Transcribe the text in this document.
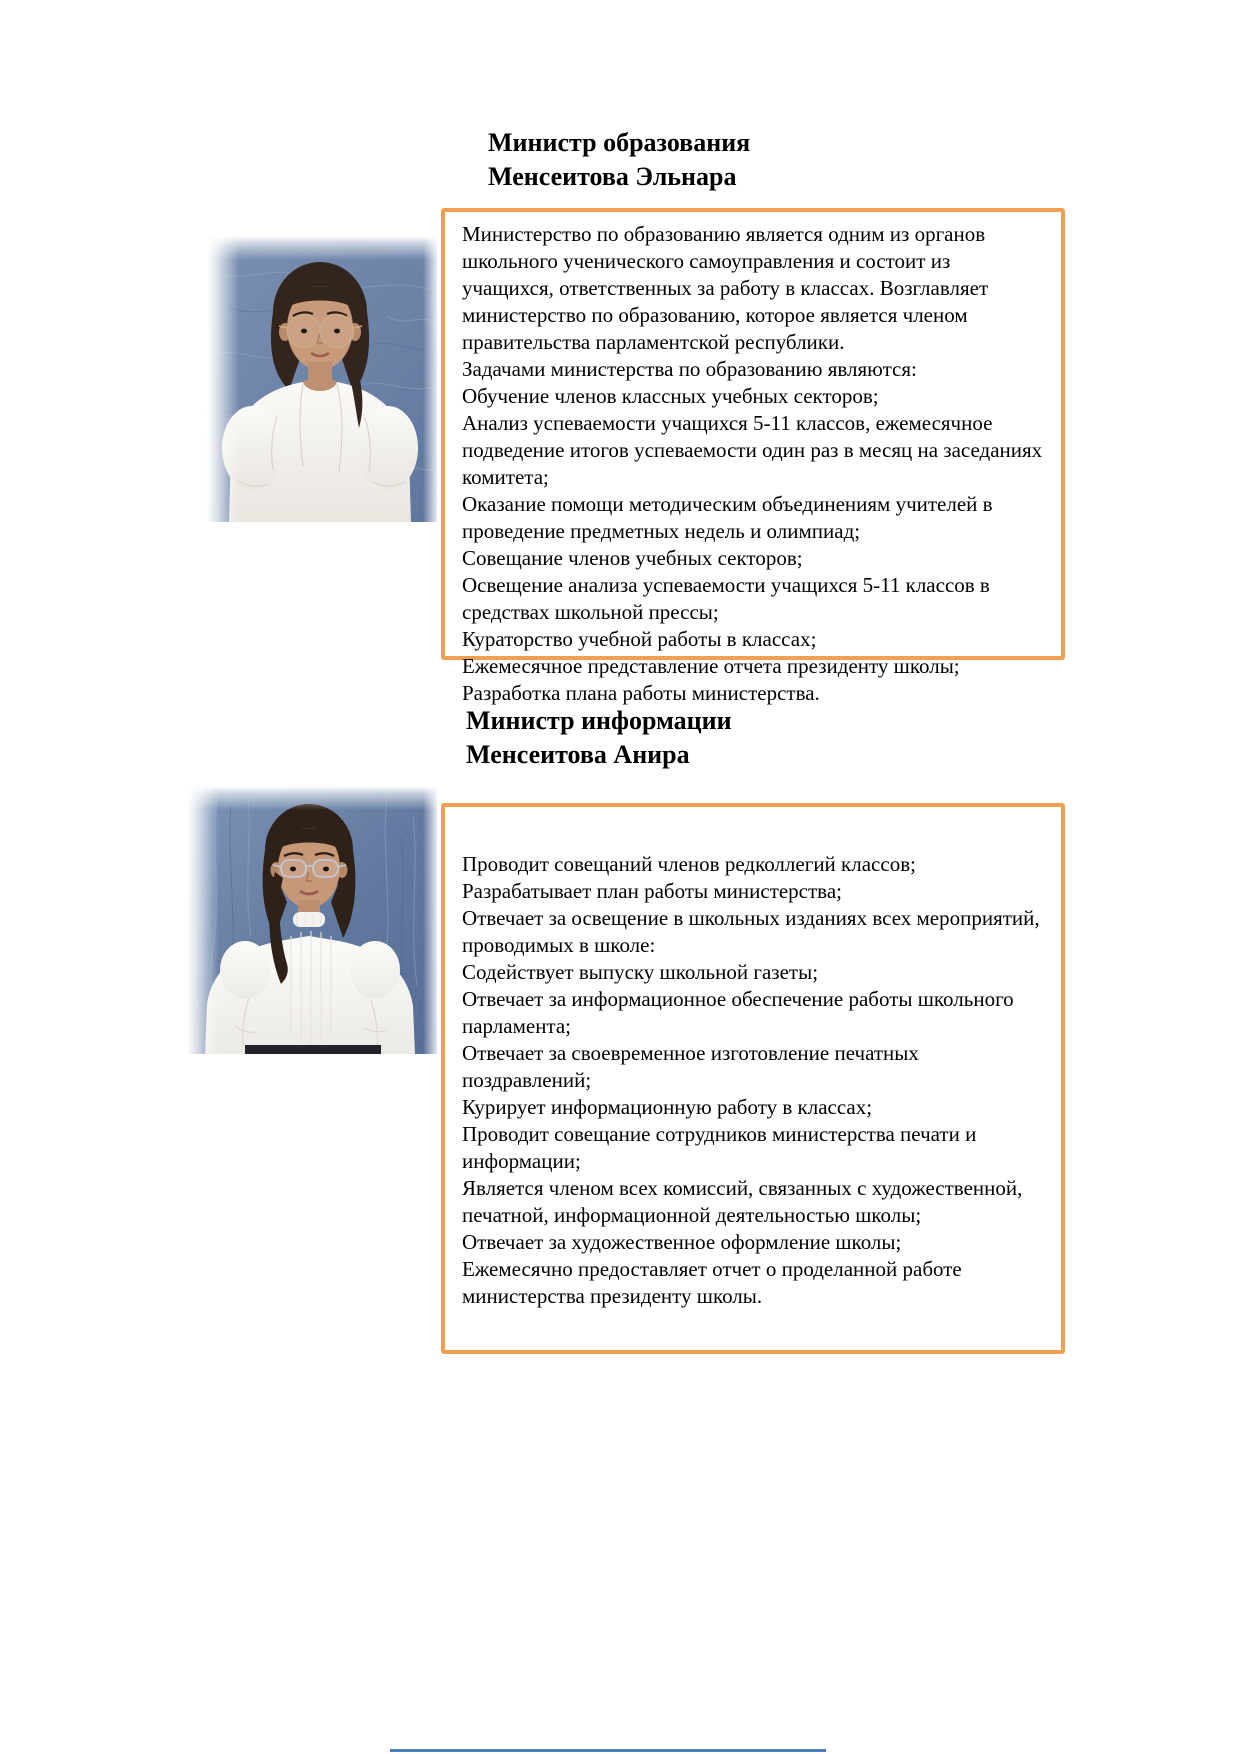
Министр образования
Менсеитова Эльнара

Министерство по образованию является одним из органов школьного ученического самоуправления и состоит из учащихся, ответственных за работу в классах. Возглавляет министерство по образованию, которое является членом правительства парламентской республики.

Задачами министерства по образованию являются:

Обучение членов классных учебных секторов;

Анализ успеваемости учащихся 5-11 классов, ежемесячное подведение итогов успеваемости один раз в месяц на заседаниях комитета;

Оказание помощи методическим объединениям учителей в проведение предметных недель и олимпиад;

Совещание членов учебных секторов;

Освещение анализа успеваемости учащихся 5-11 классов в средствах школьной прессы;

Кураторство учебной работы в классах;

Ежемесячное представление отчета президенту школы;

Разработка плана работы министерства.

Министр информации
Менсеитова Анира

Проводит совещаний членов редколлегий классов;

Разрабатывает план работы министерства;

Отвечает за освещение в школьных изданиях всех мероприятий, проводимых в школе:

Содействует выпуску школьной газеты;

Отвечает за информационное обеспечение работы школьного парламента;

Отвечает за своевременное изготовление печатных поздравлений;

Курирует информационную работу в классах;

Проводит совещание сотрудников министерства печати и информации;

Является членом всех комиссий, связанных с художественной, печатной, информационной деятельностью школы;

Отвечает за художественное оформление школы;

Ежемесячно предоставляет отчет о проделанной работе министерства президенту школы.
